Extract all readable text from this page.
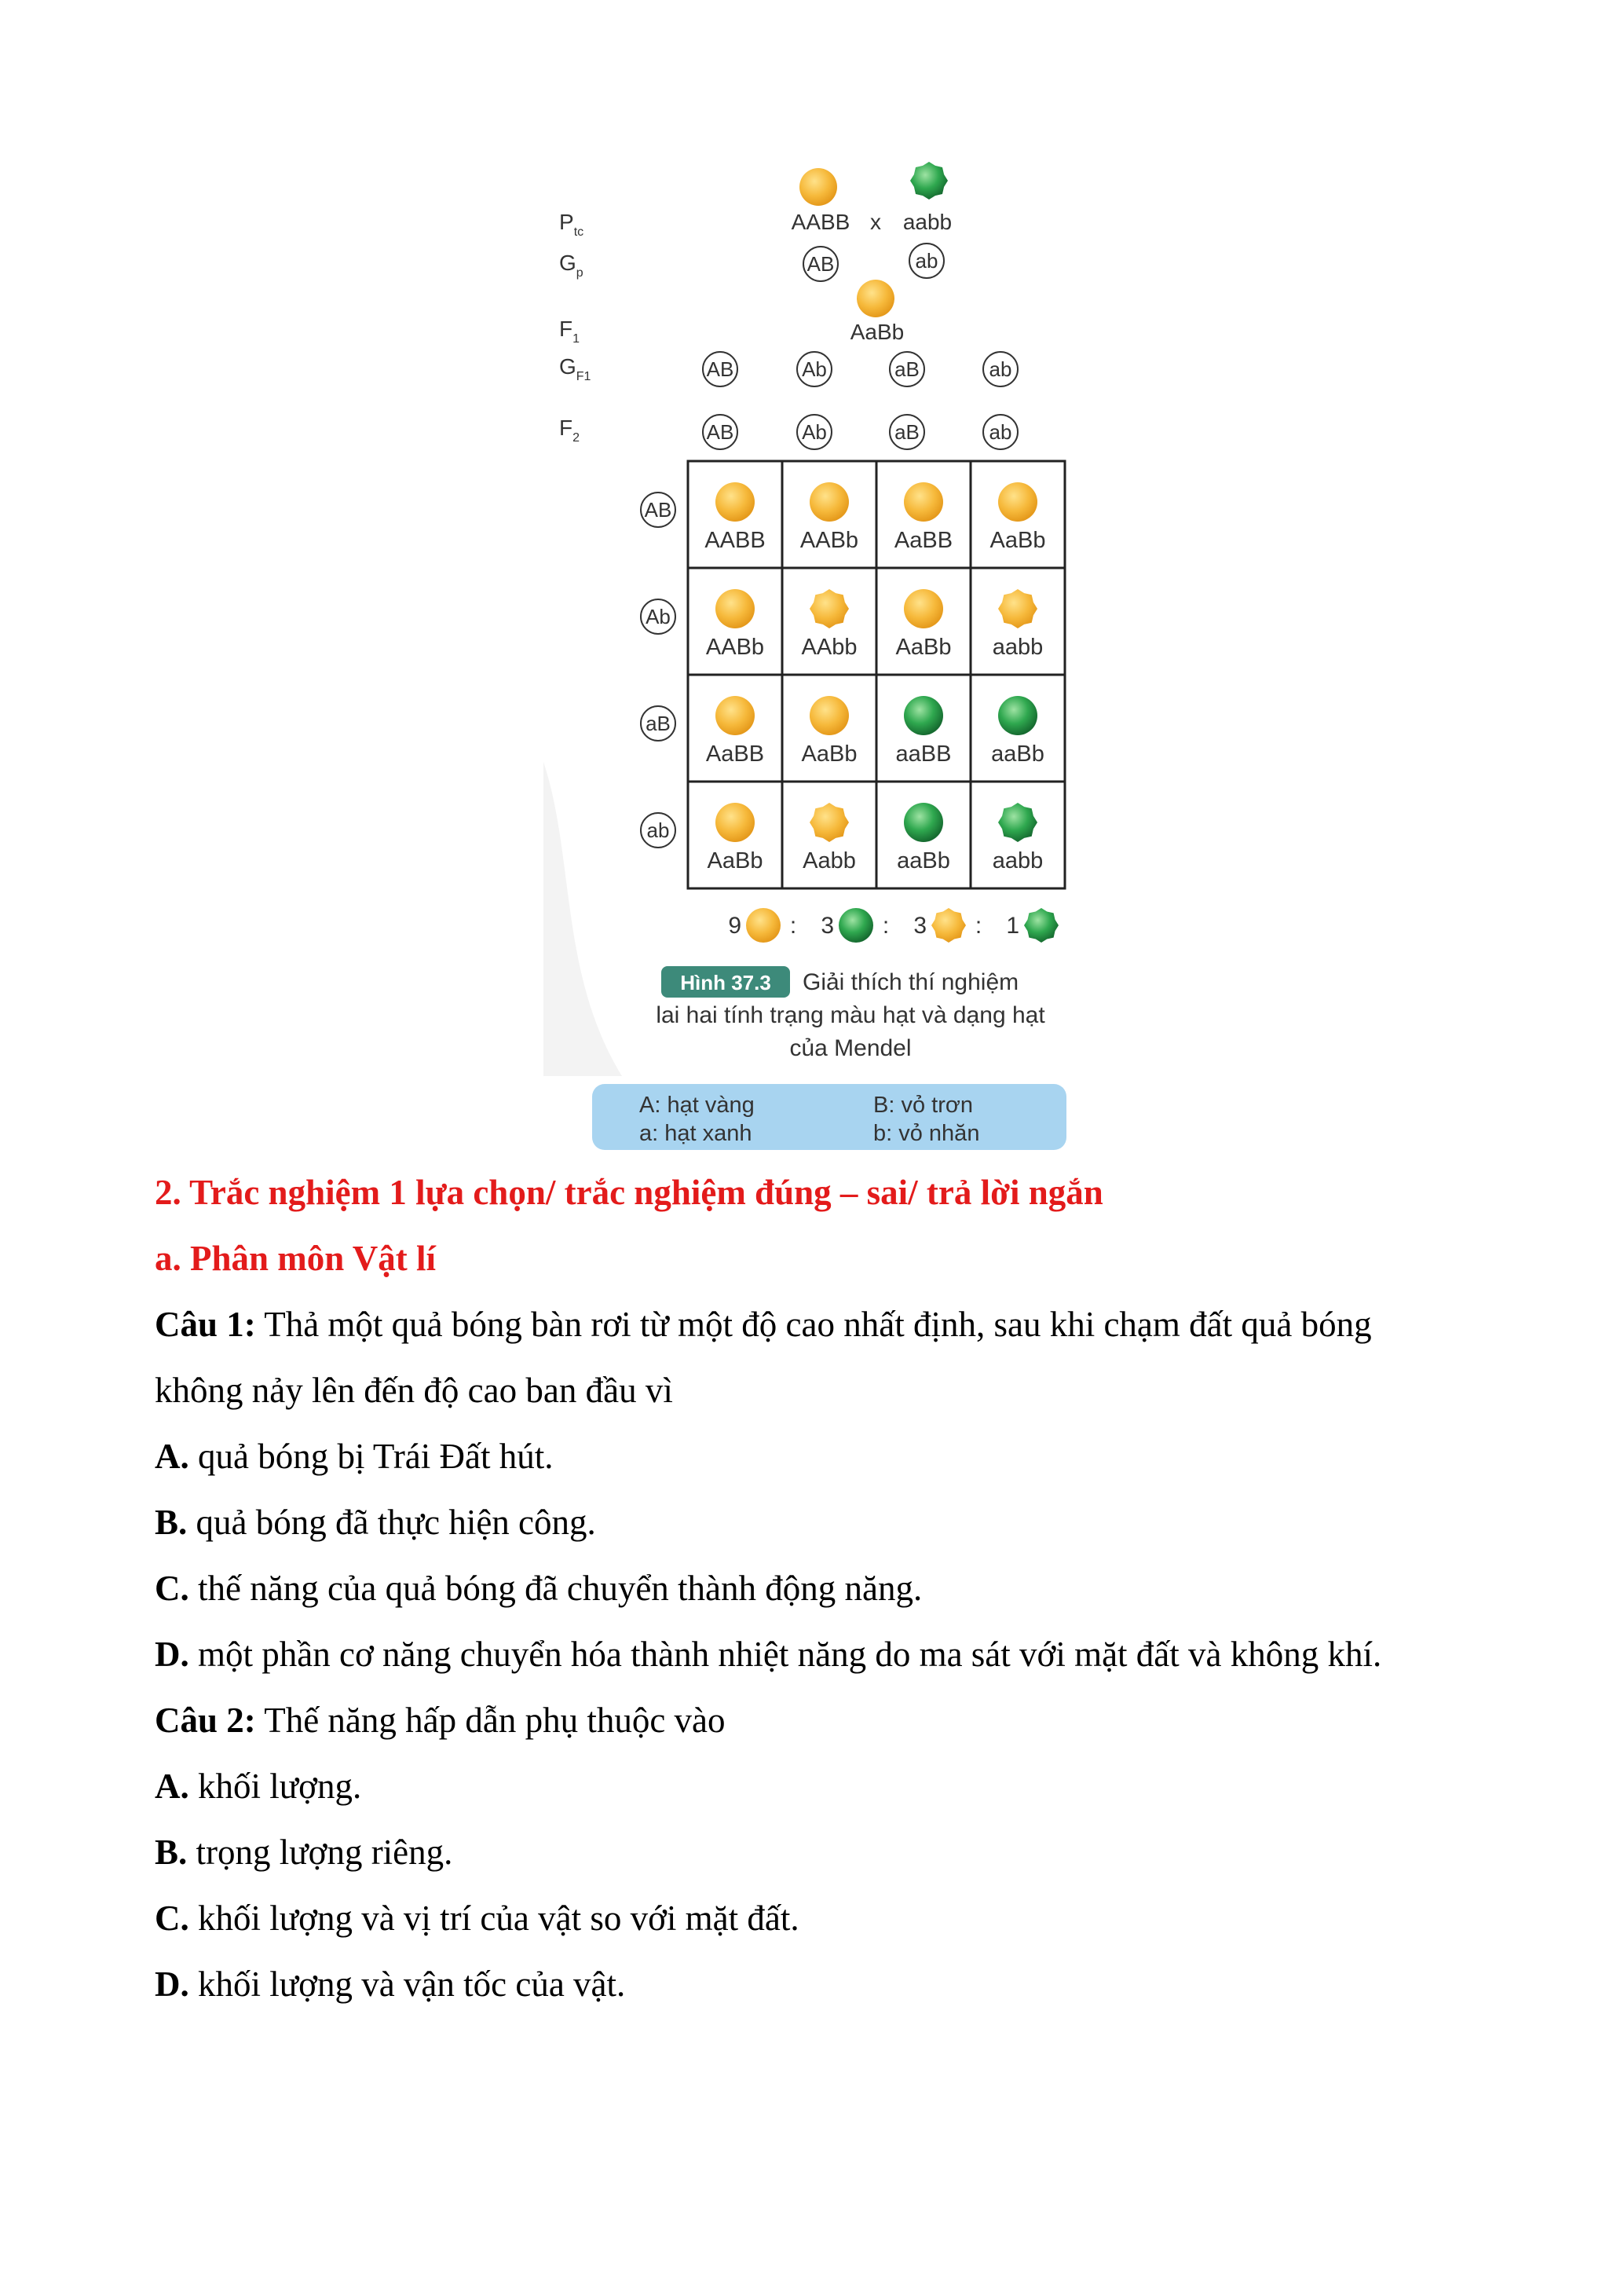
$P_{tc}$
$G_p$
$F_1$
$G_{F1}$
$F_2$
AABB x aabb
AB	ab
AaBb
AB	Ab	aB	ab
AB	Ab	aB	ab
AB
Ab
aB
ab
AABB AABb AaBB AaBb
AABb AAbb AaBb aabb
AaBB AaBb aaBB aaBb
AaBb Aabb aaBb aabb
9 : 3 : 3 : 1
Hình 37.3 Giải thích thí nghiệm
lai hai tính trạng màu hạt và dạng hạt
của Mendel
A: hạt vàng
a: hạt xanh
B: vỏ trơn
b: vỏ nhăn
2. Trắc nghiệm 1 lựa chọn/ trắc nghiệm đúng – sai/ trả lời ngắn
a. Phân môn Vật lí
Câu 1: Thả một quả bóng bàn rơi từ một độ cao nhất định, sau khi chạm đất quả bóng
không nảy lên đến độ cao ban đầu vì
A. quả bóng bị Trái Đất hút.
B. quả bóng đã thực hiện công.
C. thế năng của quả bóng đã chuyển thành động năng.
D. một phần cơ năng chuyển hóa thành nhiệt năng do ma sát với mặt đất và không khí.
Câu 2: Thế năng hấp dẫn phụ thuộc vào
A. khối lượng.
B. trọng lượng riêng.
C. khối lượng và vị trí của vật so với mặt đất.
D. khối lượng và vận tốc của vật.
